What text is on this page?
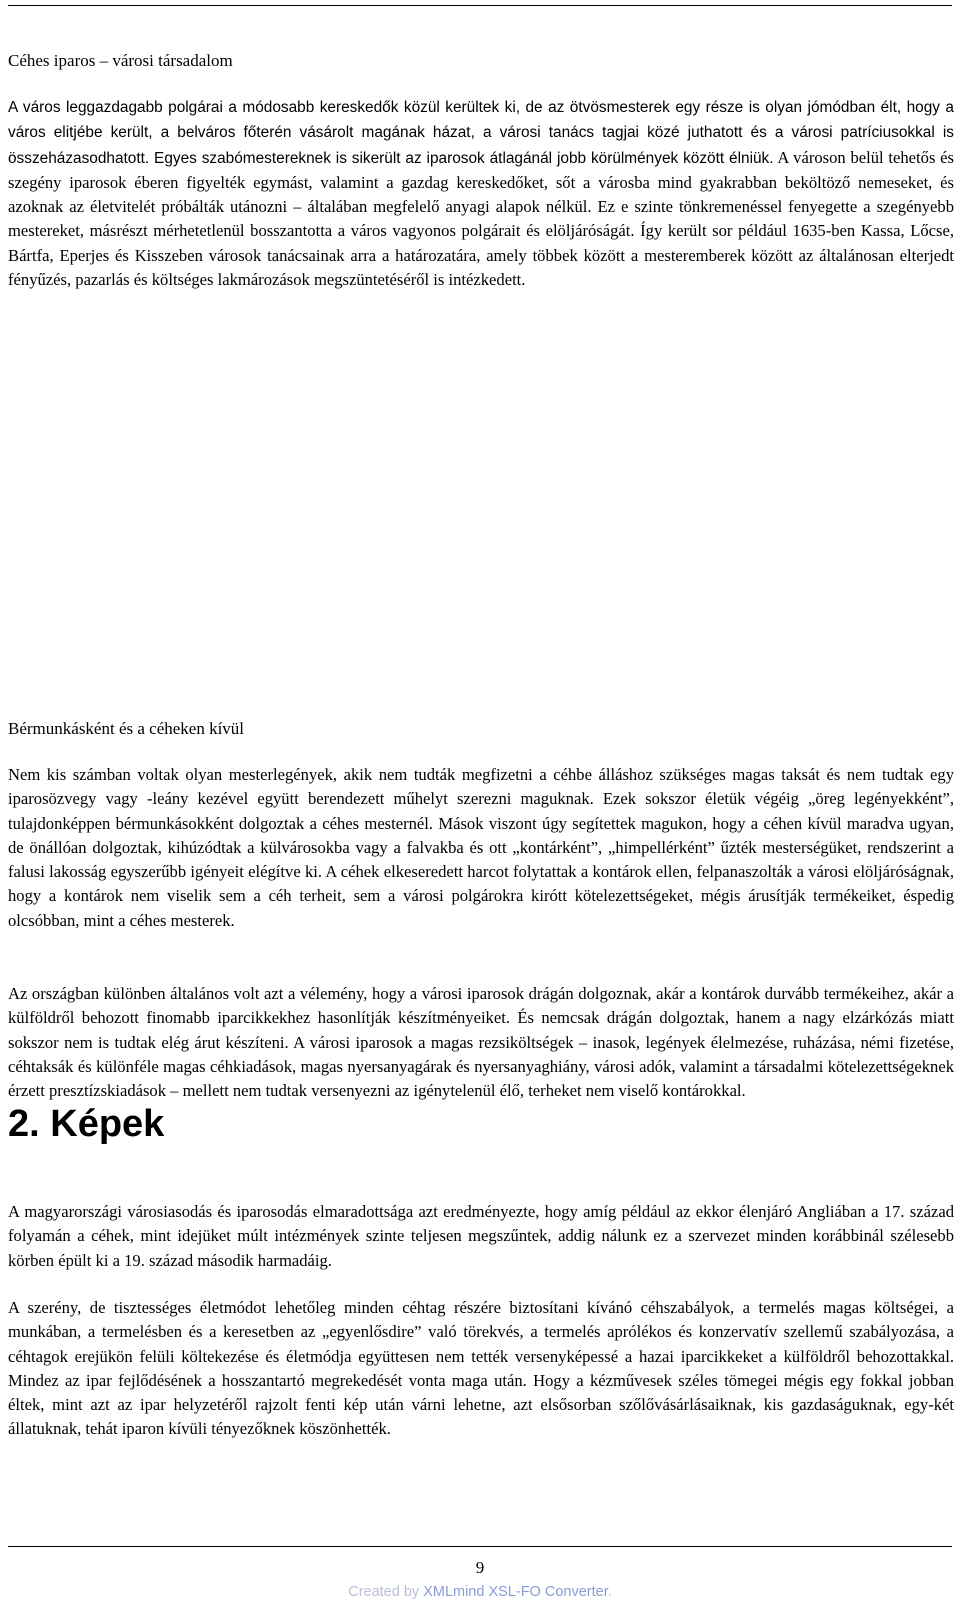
Céhes iparos – városi társadalom

A város leggazdagabb polgárai a módosabb kereskedők közül kerültek ki, de az ötvösmesterek egy része is olyan jómódban élt, hogy a város elitjébe került, a belváros főterén vásárolt magának házat, a városi tanács tagjai közé juthatott és a városi patríciusokkal is összeházasodhatott. Egyes szabómestereknek is sikerült az iparosok átlagánál jobb körülmények között élniük. A városon belül tehetős és szegény iparosok éberen figyelték egymást, valamint a gazdag kereskedőket, sőt a városba mind gyakrabban beköltöző nemeseket, és azoknak az életvitelét próbálták utánozni – általában megfelelő anyagi alapok nélkül. Ez e szinte tönkremenéssel fenyegette a szegényebb mestereket, másrészt mérhetetlenül bosszantotta a város vagyonos polgárait és elöljáróságát. Így került sor például 1635-ben Kassa, Lőcse, Bártfa, Eperjes és Kisszeben városok tanácsainak arra a határozatára, amely többek között a mesteremberek között az általánosan elterjedt fényűzés, pazarlás és költséges lakmározások megszüntetéséről is intézkedett.

Bérmunkásként és a céheken kívül

Nem kis számban voltak olyan mesterlegények, akik nem tudták megfizetni a céhbe álláshoz szükséges magas taksát és nem tudtak egy iparosözvegy vagy -leány kezével együtt berendezett műhelyt szerezni maguknak. Ezek sokszor életük végéig „öreg legényekként”, tulajdonképpen bérmunkásokként dolgoztak a céhes mesternél. Mások viszont úgy segítettek magukon, hogy a céhen kívül maradva ugyan, de önállóan dolgoztak, kihúzódtak a külvárosokba vagy a falvakba és ott „kontárként”, „himpellérként” űzték mesterségüket, rendszerint a falusi lakosság egyszerűbb igényeit elégítve ki. A céhek elkeseredett harcot folytattak a kontárok ellen, felpanaszolták a városi elöljáróságnak, hogy a kontárok nem viselik sem a céh terheit, sem a városi polgárokra kirótt kötelezettségeket, mégis árusítják termékeiket, éspedig olcsóbban, mint a céhes mesterek.

Az országban különben általános volt azt a vélemény, hogy a városi iparosok drágán dolgoznak, akár a kontárok durvább termékeihez, akár a külföldről behozott finomabb iparcikkekhez hasonlítják készítményeiket. És nemcsak drágán dolgoztak, hanem a nagy elzárkózás miatt sokszor nem is tudtak elég árut készíteni. A városi iparosok a magas rezsiköltségek – inasok, legények élelmezése, ruházása, némi fizetése, céhtaksák és különféle magas céhkiadások, magas nyersanyagárak és nyersanyaghiány, városi adók, valamint a társadalmi kötelezettségeknek érzett presztízskiadások – mellett nem tudtak versenyezni az igénytelenül élő, terheket nem viselő kontárokkal.

A magyarországi városiasodás és iparosodás elmaradottsága azt eredményezte, hogy amíg például az ekkor élenjáró Angliában a 17. század folyamán a céhek, mint idejüket múlt intézmények szinte teljesen megszűntek, addig nálunk ez a szervezet minden korábbinál szélesebb körben épült ki a 19. század második harmadáig.

A szerény, de tisztességes életmódot lehetőleg minden céhtag részére biztosítani kívánó céhszabályok, a termelés magas költségei, a munkában, a termelésben és a keresetben az „egyenlősdire” való törekvés, a termelés aprólékos és konzervatív szellemű szabályozása, a céhtagok erejükön felüli költekezése és életmódja együttesen nem tették versenyképessé a hazai iparcikkeket a külföldről behozottakkal. Mindez az ipar fejlődésének a hosszantartó megrekedését vonta maga után. Hogy a kézművesek széles tömegei mégis egy fokkal jobban éltek, mint azt az ipar helyzetéről rajzolt fenti kép után várni lehetne, azt elsősorban szőlővásárlásaiknak, kis gazdaságuknak, egy-két állatuknak, tehát iparon kívüli tényezőknek köszönhették.

2. Képek
9
Created by XMLmind XSL-FO Converter.
